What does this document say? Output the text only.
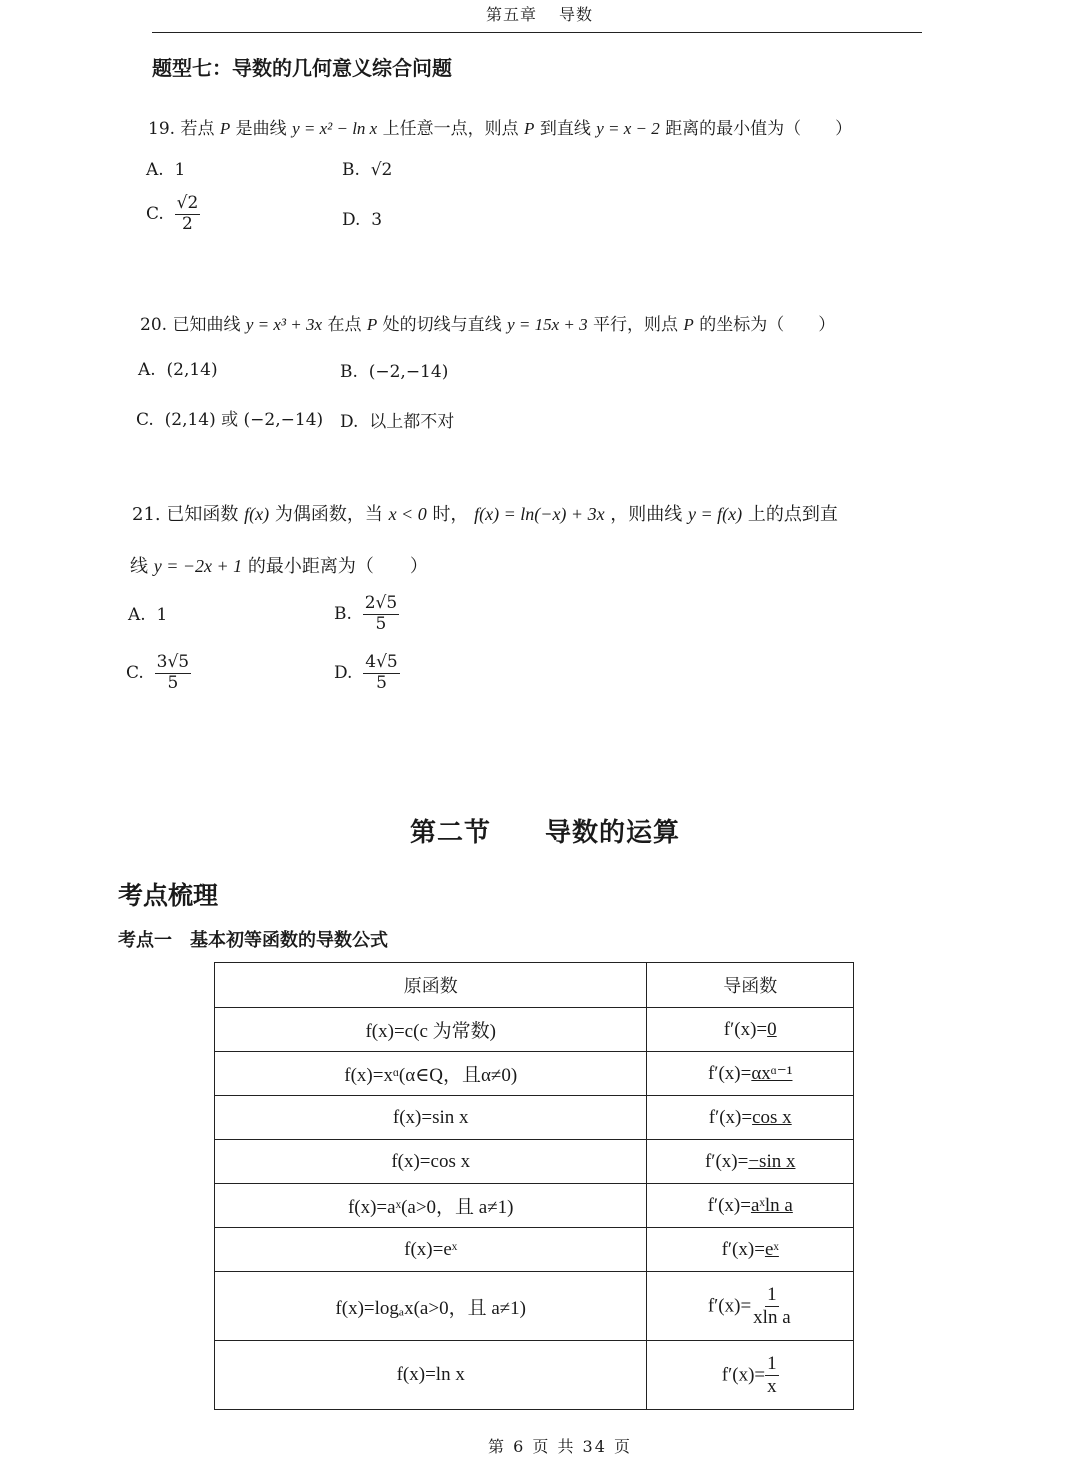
第五章 导数
题型七：导数的几何意义综合问题
19. 若点 P 是曲线 y = x² − ln x 上任意一点，则点 P 到直线 y = x − 2 距离的最小值为（　　）
A. 1	B. √2
C. $\frac{√2}{2}$	D. 3
20. 已知曲线 y = x³ + 3x 在点 P 处的切线与直线 y = 15x + 3 平行，则点 P 的坐标为（　　）
A. (2,14)	B. (−2,−14)
C. (2,14) 或 (−2,−14) D. 以上都不对
21. 已知函数 f(x) 为偶函数，当 x < 0 时， f(x) = ln(−x) + 3x ，则曲线 y = f(x) 上的点到直
线 y = −2x + 1 的最小距离为（　　）
A. 1	B. $\frac{2√5}{5}$
C. $\frac{3√5}{5}$	D. $\frac{4√5}{5}$
第二节 导数的运算
考点梳理
考点一　基本初等函数的导数公式
原函数	导函数
f(x)=c(c 为常数)	f′(x)=0
f(x)=xᵅ(α∈Q，且α≠0)	f′(x)=αxᵅ⁻¹
f(x)=sin x	f′(x)=cos x
f(x)=cos x	f′(x)=−sin x
f(x)=aˣ(a>0，且 a≠1)	f′(x)=aˣln a
f(x)=eˣ	f′(x)=eˣ
f(x)=logₐx(a>0，且 a≠1)	$f'(x)= \frac{1}{\text{xln a}}$

f(x)=ln x	$f'(x)= \frac{1}{x}$
第 6 页 共 34 页
